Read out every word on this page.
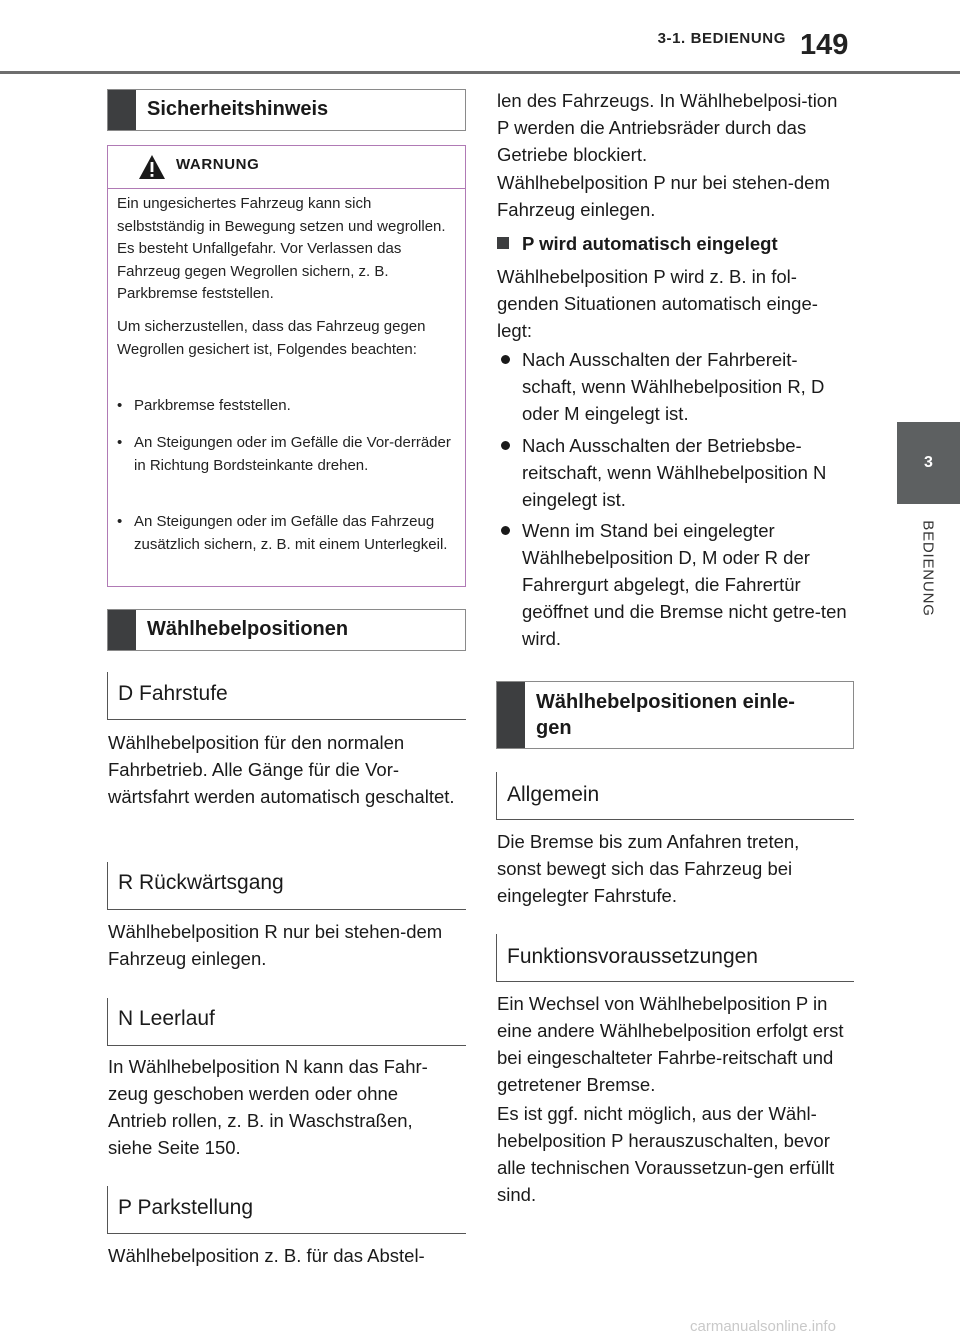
3-1. BEDIENUNG 149
3
BEDIENUNG
Sicherheitshinweis
WARNUNG
Ein ungesichertes Fahrzeug kann sich selbstständig in Bewegung setzen und wegrollen. Es besteht Unfallgefahr. Vor Verlassen das Fahrzeug gegen Wegrollen sichern, z. B. Parkbremse feststellen.
Um sicherzustellen, dass das Fahrzeug gegen Wegrollen gesichert ist, Folgendes beachten:
• Parkbremse feststellen.
• An Steigungen oder im Gefälle die Vor-derräder in Richtung Bordsteinkante drehen.
• An Steigungen oder im Gefälle das Fahrzeug zusätzlich sichern, z. B. mit einem Unterlegkeil.
Wählhebelpositionen
D Fahrstufe
Wählhebelposition für den normalen Fahrbetrieb. Alle Gänge für die Vor-wärtsfahrt werden automatisch geschaltet.
R Rückwärtsgang
Wählhebelposition R nur bei stehen-dem Fahrzeug einlegen.
N Leerlauf
In Wählhebelposition N kann das Fahr-zeug geschoben werden oder ohne Antrieb rollen, z. B. in Waschstraßen, siehe Seite 150.
P Parkstellung
Wählhebelposition z. B. für das Abstel-
len des Fahrzeugs. In Wählhebelposi-tion P werden die Antriebsräder durch das Getriebe blockiert.
Wählhebelposition P nur bei stehen-dem Fahrzeug einlegen.
P wird automatisch eingelegt
Wählhebelposition P wird z. B. in fol-genden Situationen automatisch einge-legt:
Nach Ausschalten der Fahrbereit-schaft, wenn Wählhebelposition R, D oder M eingelegt ist.
Nach Ausschalten der Betriebsbe-reitschaft, wenn Wählhebelposition N eingelegt ist.
Wenn im Stand bei eingelegter Wählhebelposition D, M oder R der Fahrergurt abgelegt, die Fahrertür geöffnet und die Bremse nicht getre-ten wird.
Wählhebelpositionen einle-gen
Allgemein
Die Bremse bis zum Anfahren treten, sonst bewegt sich das Fahrzeug bei eingelegter Fahrstufe.
Funktionsvoraussetzungen
Ein Wechsel von Wählhebelposition P in eine andere Wählhebelposition erfolgt erst bei eingeschalteter Fahrbe-reitschaft und getretener Bremse.
Es ist ggf. nicht möglich, aus der Wähl-hebelposition P herauszuschalten, bevor alle technischen Voraussetzun-gen erfüllt sind.
carmanualsonline.info
